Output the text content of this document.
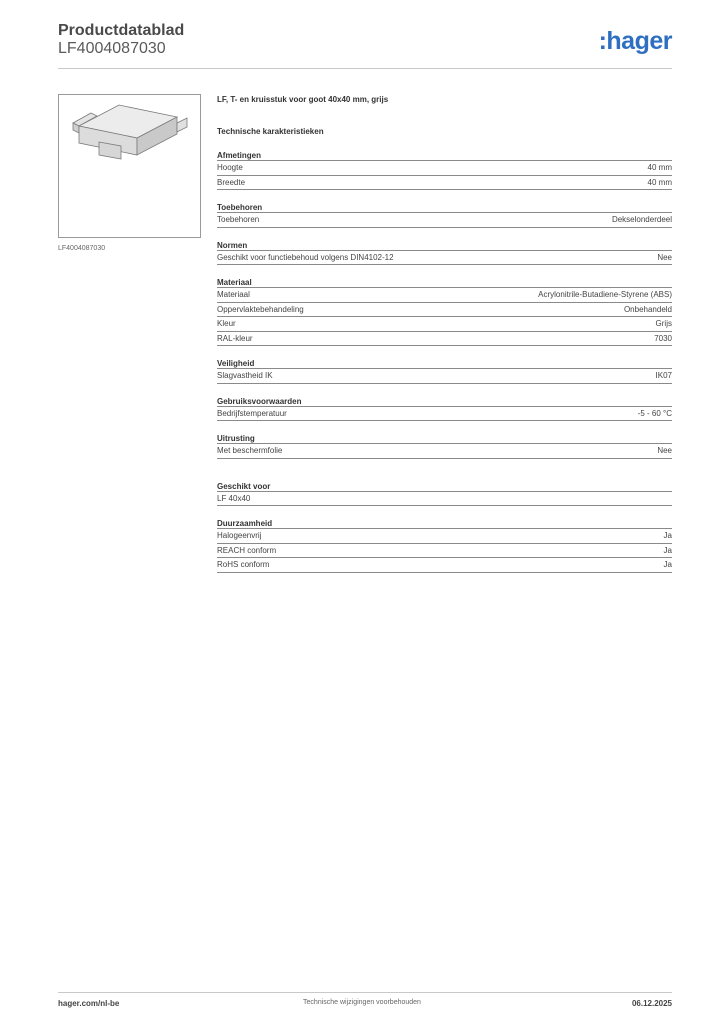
Productdatablad
LF4004087030	:hager
LF4004087030
LF, T- en kruisstuk voor goot 40x40 mm, grijs
Technische karakteristieken
Afmetingen
Hoogte	40 mm
Breedte	40 mm
Toebehoren
Toebehoren	Dekselonderdeel
Normen
Geschikt voor functiebehoud volgens DIN4102-12	Nee
Materiaal
Materiaal	Acrylonitrile-Butadiene-Styrene (ABS)
Oppervlaktebehandeling	Onbehandeld
Kleur	Grijs
RAL-kleur	7030
Veiligheid
Slagvastheid IK	IK07
Gebruiksvoorwaarden
Bedrijfstemperatuur	-5 - 60 °C
Uitrusting
Met beschermfolie	Nee
Geschikt voor
LF 40x40
Duurzaamheid
Halogeenvrij	Ja
REACH conform	Ja
RoHS conform	Ja
hager.com/nl-be	Technische wijzigingen voorbehouden	06.12.2025
